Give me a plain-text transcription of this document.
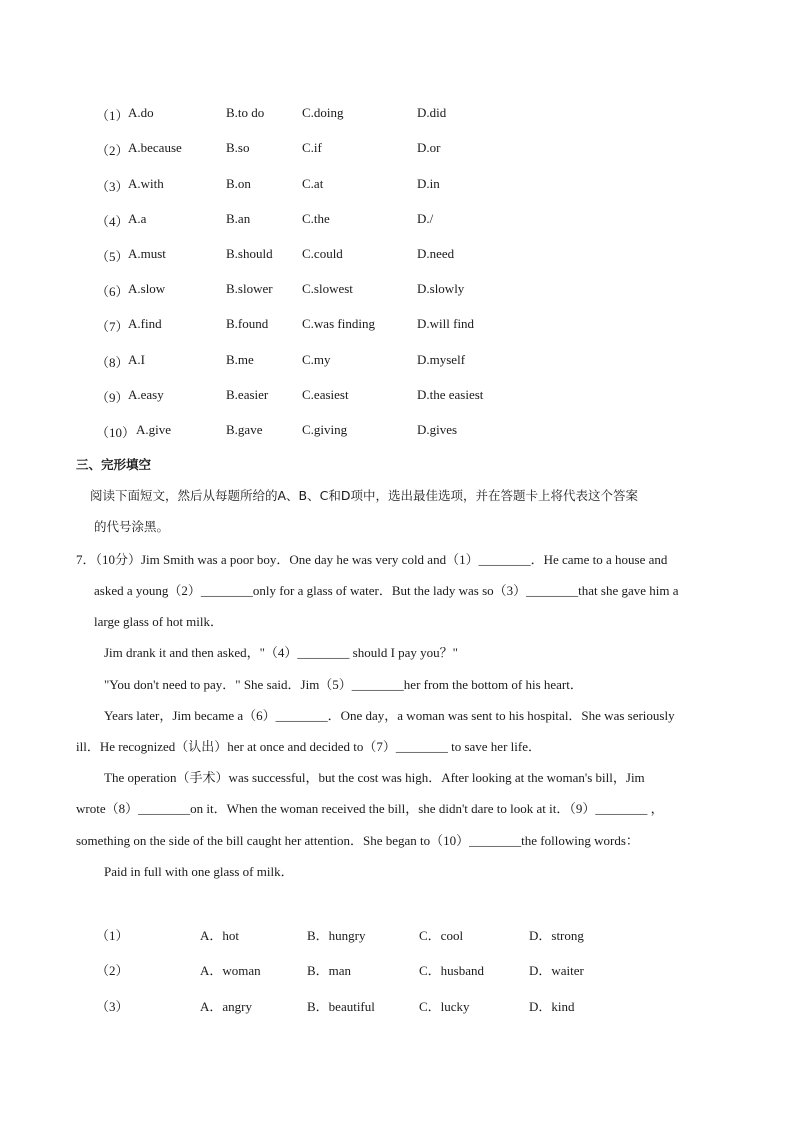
（1） A.do	B.to do	C.doing	D.did
（2） A.because	B.so	C.if	D.or
（3） A.with	B.on	C.at	D.in
（4） A.a	B.an	C.the	D./
（5） A.must	B.should C.could	D.need
（6） A.slow	B.slower C.slowest	D.slowly
（7） A.find	B.found	C.was finding	D.will find
（8） A.I	B.me	C.my	D.myself
（9） A.easy	B.easier	C.easiest	D.the easiest
（10） A.give	B.gave	C.giving	D.gives
三、完形填空
阅读下面短文，然后从每题所给的A、B、C和D项中，选出最佳选项，并在答题卡上将代表这个答案
的代号涂黑。
7．（10分）Jim Smith was a poor boy．One day he was very cold and（1）________．He came to a house and
asked a young（2）________only for a glass of water．But the lady was so（3）________that she gave him a
large glass of hot milk．
Jim drank it and then asked，"（4）________ should I pay you？"
"You don't need to pay．" She said．Jim（5）________her from the bottom of his heart．
Years later，Jim became a（6）________．One day，a woman was sent to his hospital．She was seriously
ill．He recognized（认出）her at once and decided to（7）________ to save her life．
The operation（手术）was successful，but the cost was high．After looking at the woman's bill，Jim
wrote（8）________on it．When the woman received the bill，she didn't dare to look at it．（9）________ ，
something on the side of the bill caught her attention．She began to（10）________the following words：
Paid in full with one glass of milk．
（1）	A．hot	B．hungry	C．cool	D．strong
（2）	A．woman	B．man	C．husband	D．waiter
（3）	A．angry	B．beautiful	C．lucky	D．kind
